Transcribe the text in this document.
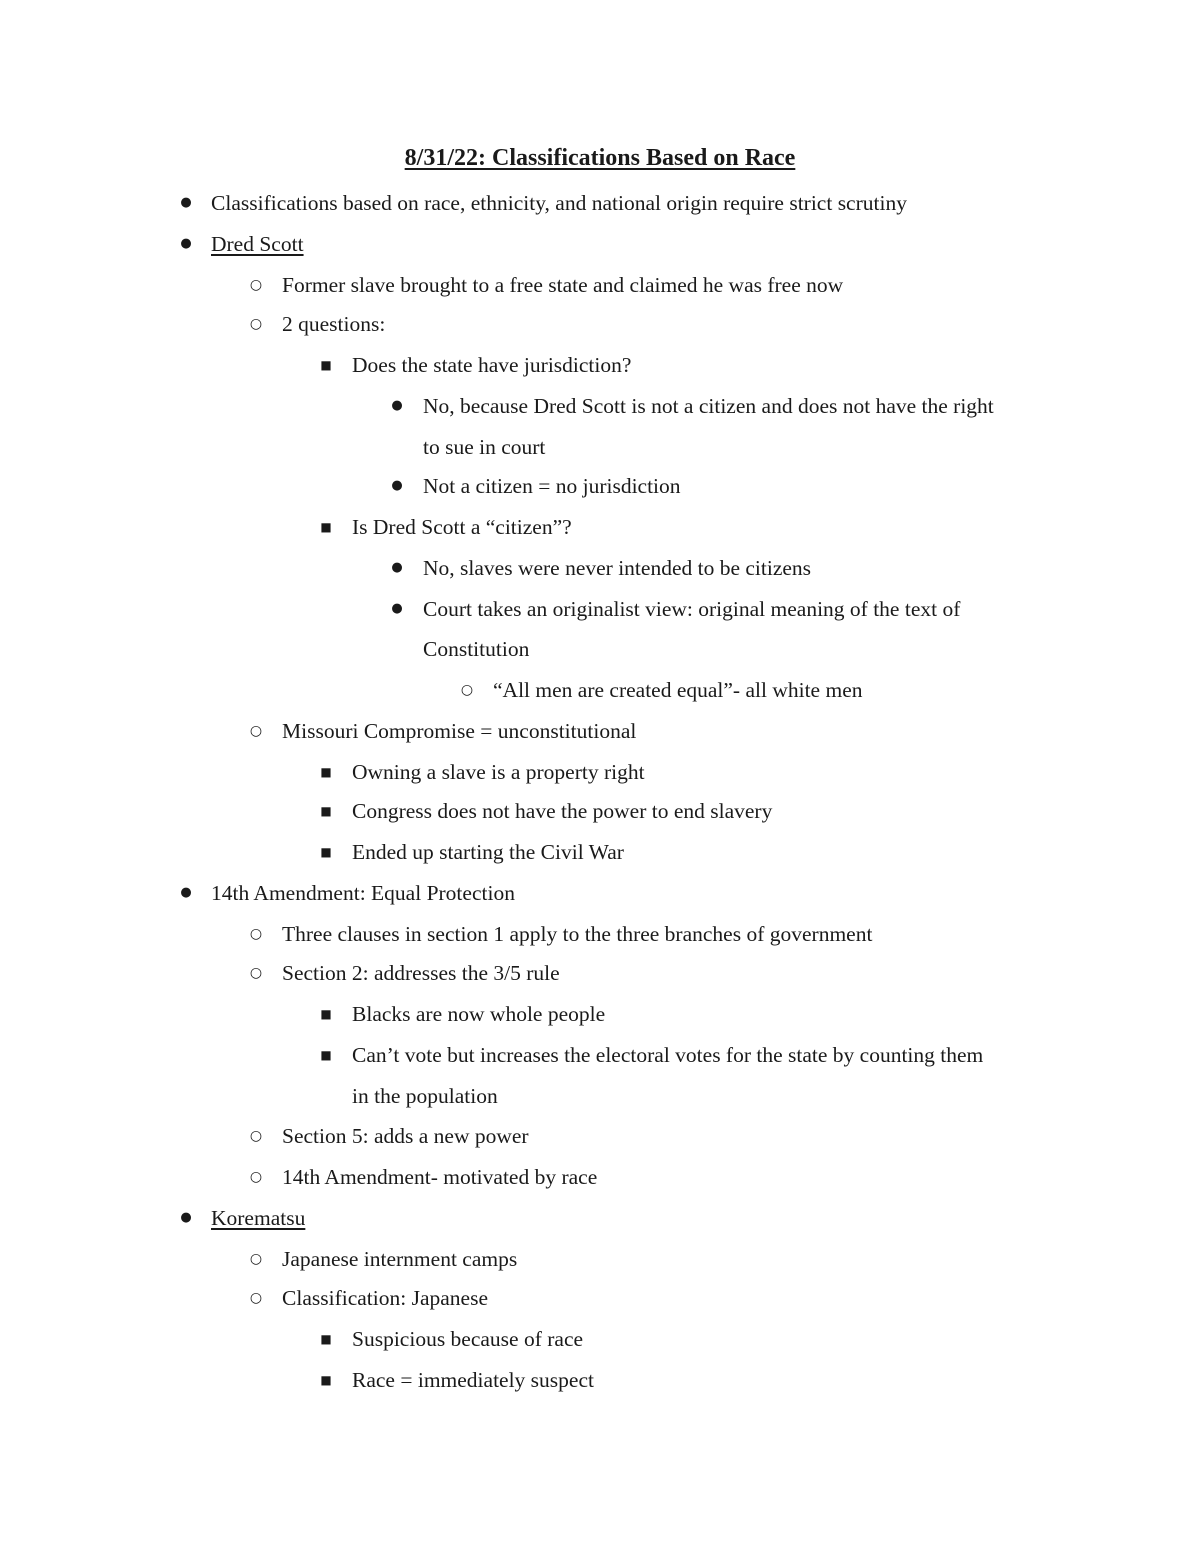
8/31/22: Classifications Based on Race
● Classifications based on race, ethnicity, and national origin require strict scrutiny
● Dred Scott
○ Former slave brought to a free state and claimed he was free now
○ 2 questions:
■ Does the state have jurisdiction?
● No, because Dred Scott is not a citizen and does not have the right
to sue in court
● Not a citizen = no jurisdiction
■ Is Dred Scott a “citizen”?
● No, slaves were never intended to be citizens
● Court takes an originalist view: original meaning of the text of
Constitution
○ “All men are created equal”- all white men
○ Missouri Compromise = unconstitutional
■ Owning a slave is a property right
■ Congress does not have the power to end slavery
■ Ended up starting the Civil War
● 14th Amendment: Equal Protection
○ Three clauses in section 1 apply to the three branches of government
○ Section 2: addresses the 3/5 rule
■ Blacks are now whole people
■ Can’t vote but increases the electoral votes for the state by counting them
in the population
○ Section 5: adds a new power
○ 14th Amendment- motivated by race
● Korematsu
○ Japanese internment camps
○ Classification: Japanese
■ Suspicious because of race
■ Race = immediately suspect
